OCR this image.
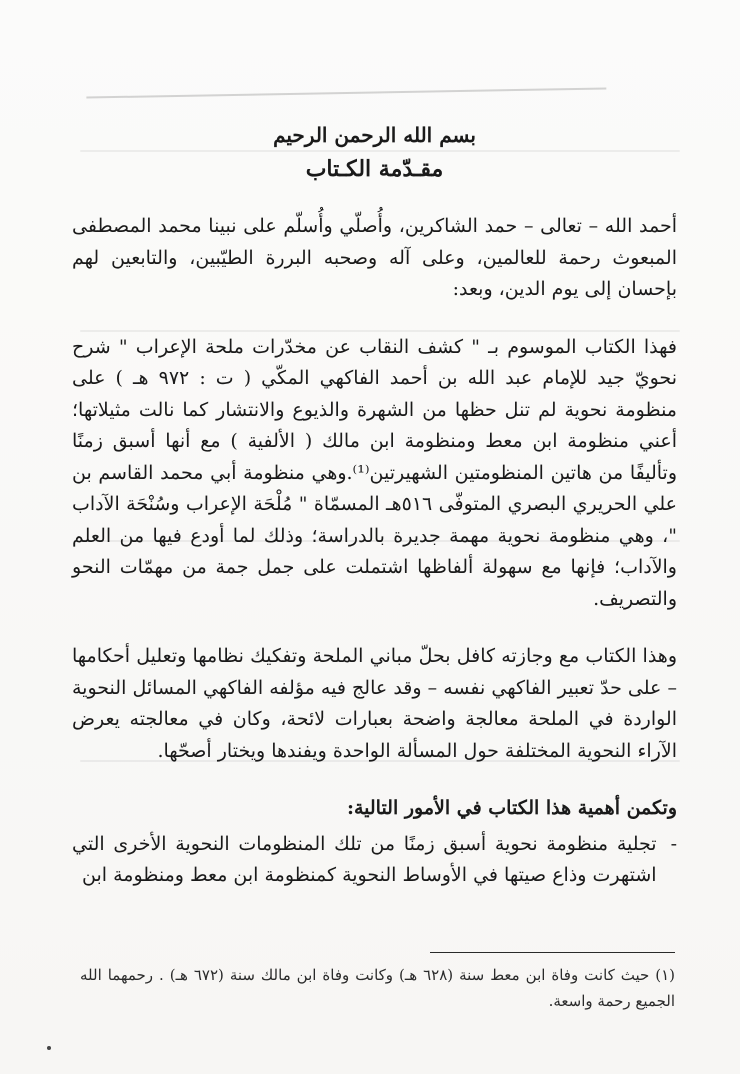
بسم الله الرحمن الرحيم
مقـدّمة الكـتاب

أحمد الله – تعالى – حمد الشاكرين، وأُصلّي وأُسلّم على نبينا محمد المصطفى المبعوث رحمة للعالمين، وعلى آله وصحبه البررة الطيّبين، والتابعين لهم بإحسان إلى يوم الدين، وبعد:

فهذا الكتاب الموسوم بـ " كشف النقاب عن مخدّرات ملحة الإعراب " شرح نحويّ جيد للإمام عبد الله بن أحمد الفاكهي المكّي ( ت : ٩٧٢ هـ ) على منظومة نحوية لم تنل حظها من الشهرة والذيوع والانتشار كما نالت مثيلاتها؛ أعني منظومة ابن معط ومنظومة ابن مالك ( الألفية ) مع أنها أسبق زمنًا وتأليفًا من هاتين المنظومتين الشهيرتين⁽¹⁾.وهي منظومة أبي محمد القاسم بن علي الحريري البصري المتوفّى ٥١٦هـ المسمّاة " مُلْحَة الإعراب وسُنْحَة الآداب "، وهي منظومة نحوية مهمة جديرة بالدراسة؛ وذلك لما أودع فيها من العلم والآداب؛ فإنها مع سهولة ألفاظها اشتملت على جمل جمة من مهمّات النحو والتصريف.

وهذا الكتاب مع وجازته كافل بحلّ مباني الملحة وتفكيك نظامها وتعليل أحكامها – على حدّ تعبير الفاكهي نفسه – وقد عالج فيه مؤلفه الفاكهي المسائل النحوية الواردة في الملحة معالجة واضحة بعبارات لائحة، وكان في معالجته يعرض الآراء النحوية المختلفة حول المسألة الواحدة ويفندها ويختار أصحّها.

وتكمن أهمية هذا الكتاب في الأمور التالية:
-
تجلية منظومة نحوية أسبق زمنًا من تلك المنظومات النحوية الأخرى التي اشتهرت وذاع صيتها في الأوساط النحوية كمنظومة ابن معط ومنظومة ابن
(١) حيث كانت وفاة ابن معط سنة (٦٢٨ هـ) وكانت وفاة ابن مالك سنة (٦٧٢ هـ) . رحمهما الله الجميع رحمة واسعة.
